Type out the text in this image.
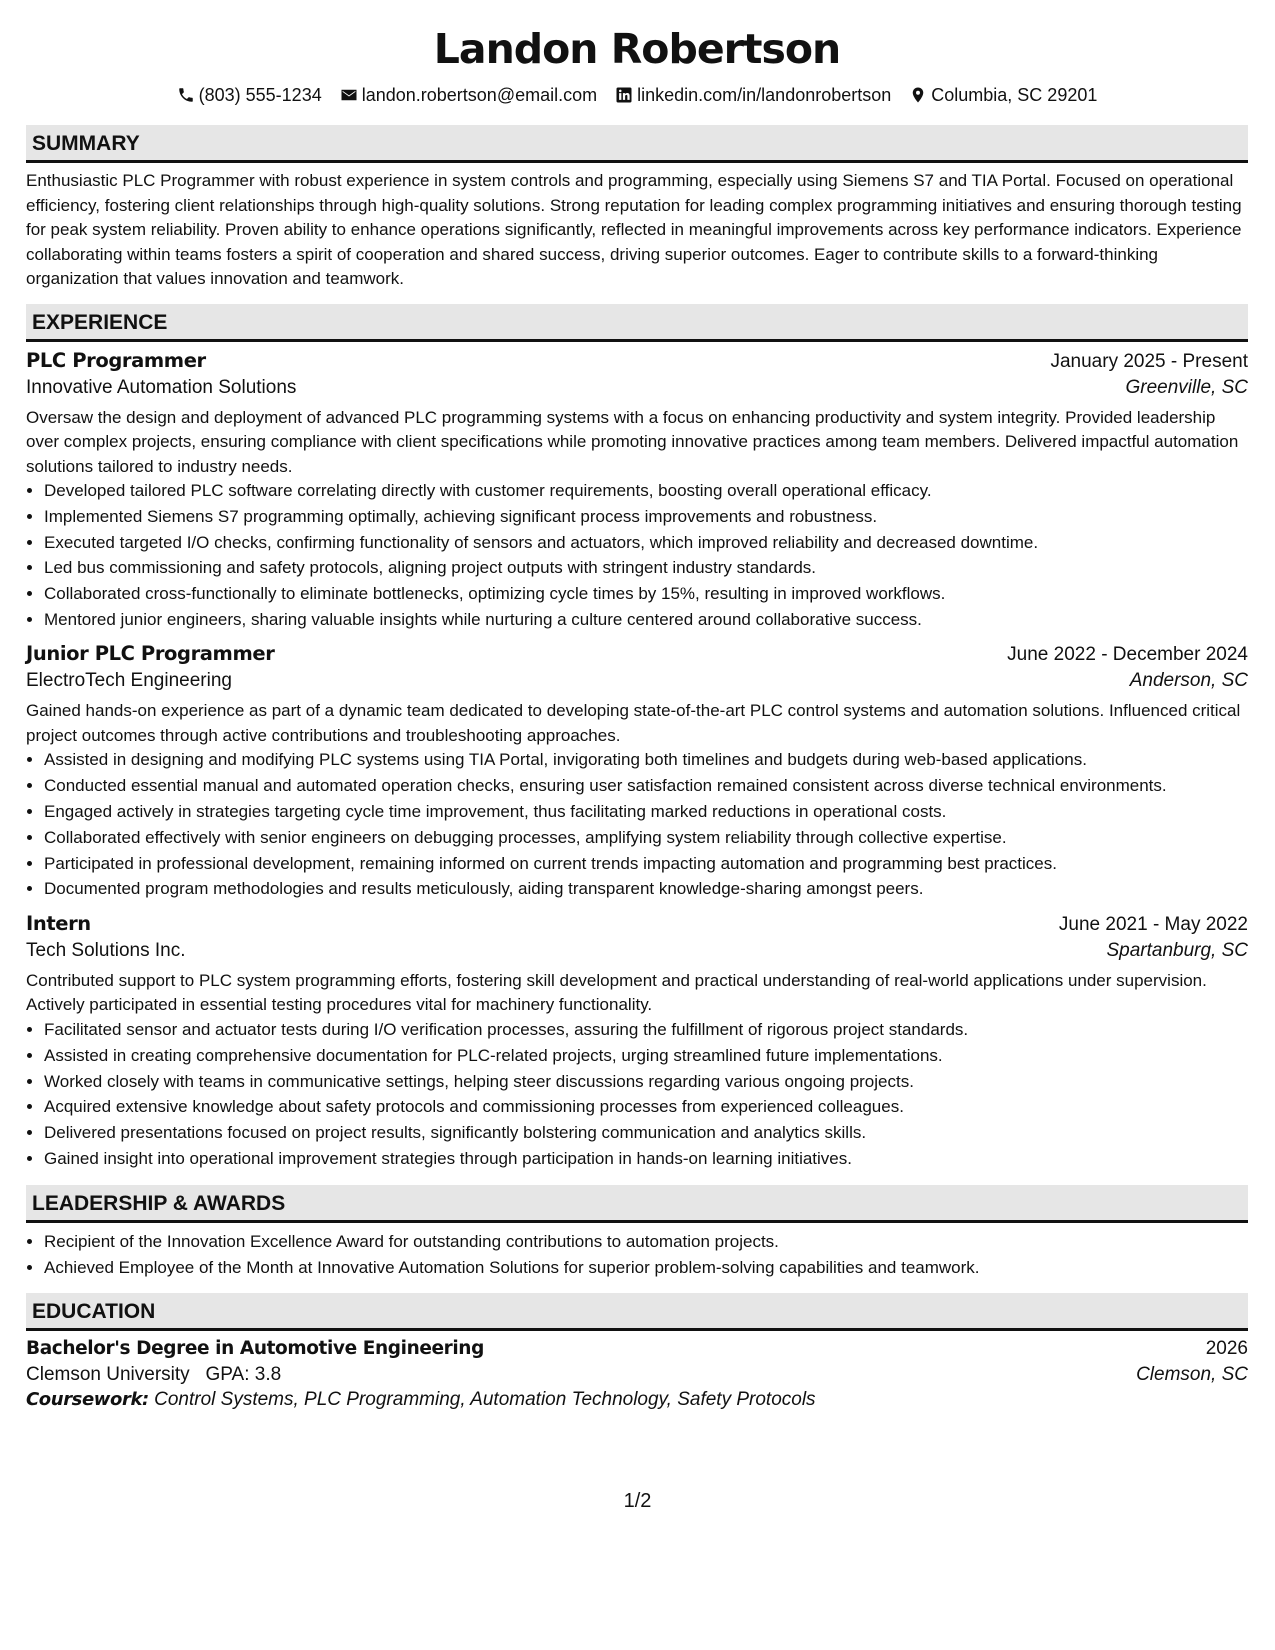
Landon Robertson
(803) 555-1234 landon.robertson@email.com linkedin.com/in/landonrobertson Columbia, SC 29201
SUMMARY
Enthusiastic PLC Programmer with robust experience in system controls and programming, especially using Siemens S7 and TIA Portal. Focused on operational efficiency, fostering client relationships through high-quality solutions. Strong reputation for leading complex programming initiatives and ensuring thorough testing for peak system reliability. Proven ability to enhance operations significantly, reflected in meaningful improvements across key performance indicators. Experience collaborating within teams fosters a spirit of cooperation and shared success, driving superior outcomes. Eager to contribute skills to a forward-thinking organization that values innovation and teamwork.
EXPERIENCE
PLC Programmer	January 2025 - Present
Innovative Automation Solutions	Greenville, SC
Oversaw the design and deployment of advanced PLC programming systems with a focus on enhancing productivity and system integrity. Provided leadership over complex projects, ensuring compliance with client specifications while promoting innovative practices among team members. Delivered impactful automation solutions tailored to industry needs.
• Developed tailored PLC software correlating directly with customer requirements, boosting overall operational efficacy.
• Implemented Siemens S7 programming optimally, achieving significant process improvements and robustness.
• Executed targeted I/O checks, confirming functionality of sensors and actuators, which improved reliability and decreased downtime.
• Led bus commissioning and safety protocols, aligning project outputs with stringent industry standards.
• Collaborated cross-functionally to eliminate bottlenecks, optimizing cycle times by 15%, resulting in improved workflows.
• Mentored junior engineers, sharing valuable insights while nurturing a culture centered around collaborative success.
Junior PLC Programmer	June 2022 - December 2024
ElectroTech Engineering	Anderson, SC
Gained hands-on experience as part of a dynamic team dedicated to developing state-of-the-art PLC control systems and automation solutions. Influenced critical project outcomes through active contributions and troubleshooting approaches.
• Assisted in designing and modifying PLC systems using TIA Portal, invigorating both timelines and budgets during web-based applications.
• Conducted essential manual and automated operation checks, ensuring user satisfaction remained consistent across diverse technical environments.
• Engaged actively in strategies targeting cycle time improvement, thus facilitating marked reductions in operational costs.
• Collaborated effectively with senior engineers on debugging processes, amplifying system reliability through collective expertise.
• Participated in professional development, remaining informed on current trends impacting automation and programming best practices.
• Documented program methodologies and results meticulously, aiding transparent knowledge-sharing amongst peers.
Intern	June 2021 - May 2022
Tech Solutions Inc.	Spartanburg, SC
Contributed support to PLC system programming efforts, fostering skill development and practical understanding of real-world applications under supervision. Actively participated in essential testing procedures vital for machinery functionality.
• Facilitated sensor and actuator tests during I/O verification processes, assuring the fulfillment of rigorous project standards.
• Assisted in creating comprehensive documentation for PLC-related projects, urging streamlined future implementations.
• Worked closely with teams in communicative settings, helping steer discussions regarding various ongoing projects.
• Acquired extensive knowledge about safety protocols and commissioning processes from experienced colleagues.
• Delivered presentations focused on project results, significantly bolstering communication and analytics skills.
• Gained insight into operational improvement strategies through participation in hands-on learning initiatives.
LEADERSHIP & AWARDS
• Recipient of the Innovation Excellence Award for outstanding contributions to automation projects.
• Achieved Employee of the Month at Innovative Automation Solutions for superior problem-solving capabilities and teamwork.
EDUCATION
Bachelor's Degree in Automotive Engineering	2026
Clemson University GPA: 3.8	Clemson, SC
Coursework: Control Systems, PLC Programming, Automation Technology, Safety Protocols
1/2
